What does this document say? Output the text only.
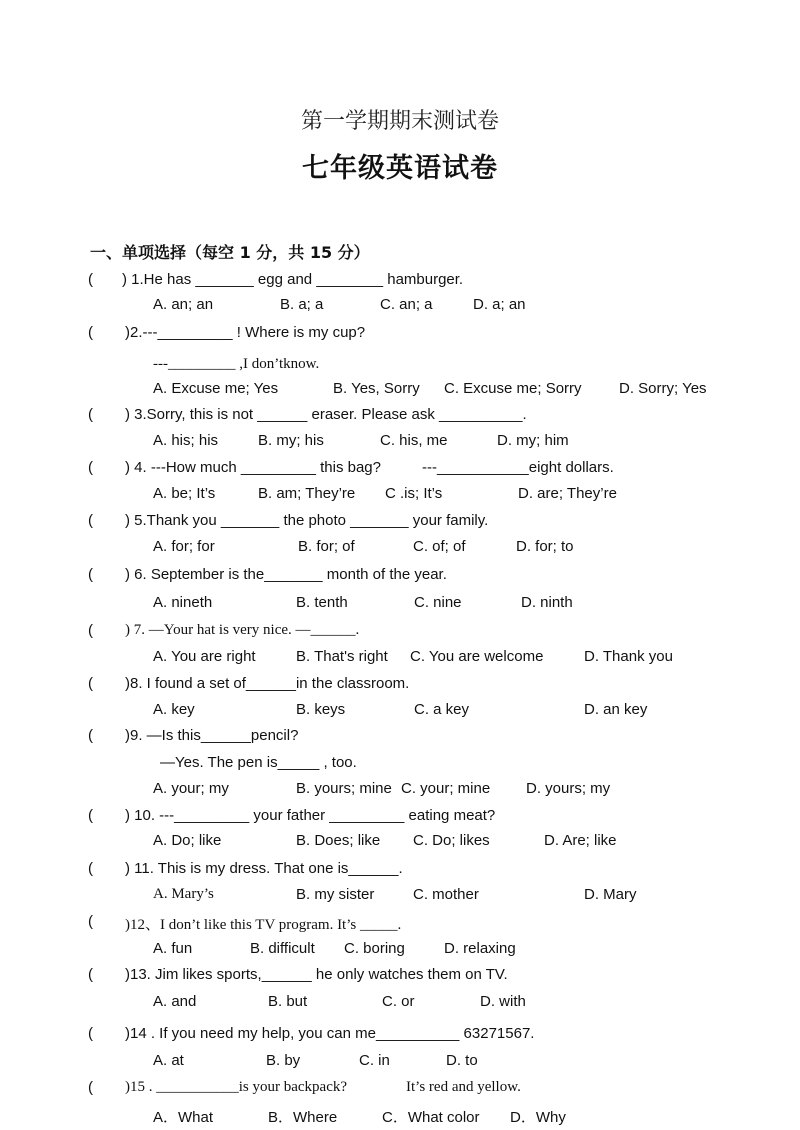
第一学期期末测试卷
七年级英语试卷
一、单项选择（每空 1 分，共 15 分）
( ) 1.He has _______ egg and ________ hamburger.
A. an; an	B. a; a	C. an; a	D. a; an
( )2.---_________ ! Where is my cup?
---_________ ,I don’tknow.
A. Excuse me; Yes	B. Yes, Sorry C. Excuse me; Sorry D. Sorry; Yes
( ) 3.Sorry, this is not ______ eraser. Please ask __________.
A. his; his	B. my; his	C. his, me	D. my; him
( ) 4. ---How much _________ this bag?	---___________eight dollars.
A. be; It’s	B. am; They’re C .is; It’s	D. are; They’re
( ) 5.Thank you _______ the photo _______ your family.
A. for; for	B. for; of	C. of; of	D. for; to
( ) 6. September is the_______ month of the year.
A. nineth	B. tenth	C. nine	D. ninth
( ) 7. —Your hat is very nice. —______.
A. You are right	B. That's right C. You are welcome	D. Thank you
( )8. I found a set of______in the classroom.
A. key	B. keys	C. a key	D. an key
( )9. —Is this______pencil?
—Yes. The pen is_____ , too.
A. your; my	B. yours; mine C. your; mine D. yours; my
( ) 10. ---_________ your father _________ eating meat?
A. Do; like	B. Does; like C. Do; likes	D. Are; like
( ) 11. This is my dress. That one is______.
A. Mary’s	B. my sister	C. mother	D. Mary
( )12、I don’t like this TV program. It’s _____.
A. fun	B. difficult C. boring	D. relaxing
( )13. Jim likes sports,______ he only watches them on TV.
A. and	B. but	C. or	D. with
( )14 . If you need my help, you can me__________ 63271567.
A. at	B. by	C. in	D. to
( )15 . ___________is your backpack?	It’s red and yellow.
A．What	B．Where	C．What color D．Why
